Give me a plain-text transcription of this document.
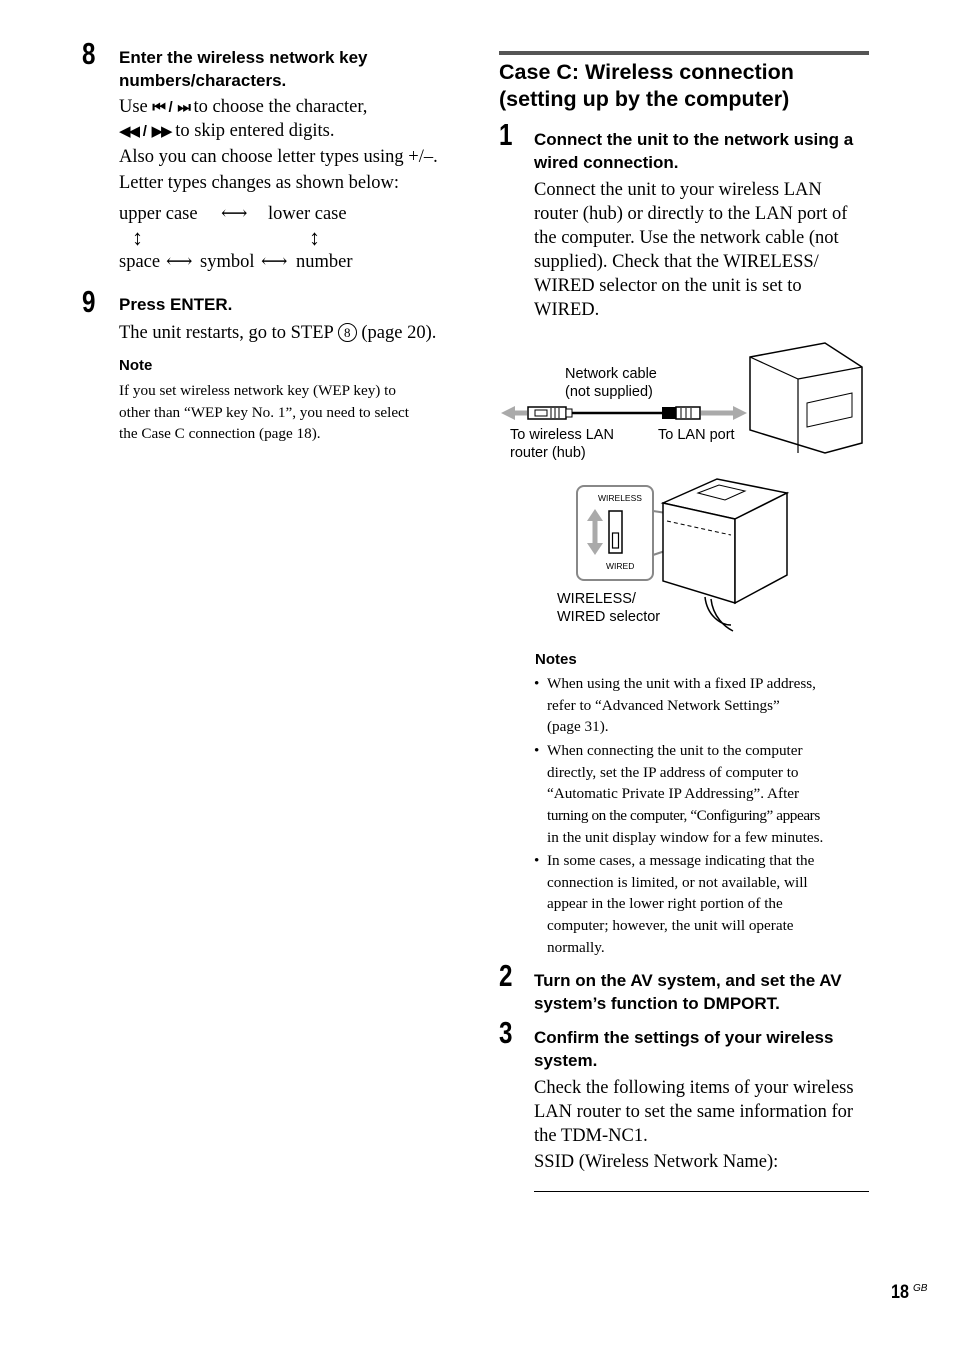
8 Enter the wireless network key
numbers/characters.
Use ⏮ / ⏭ to choose the character,
◀◀ / ▶▶ to skip entered digits.
Also you can choose letter types using +/–.
Letter types changes as shown below:
upper case ⟷ lower case
↕	↕
space ⟷ symbol ⟷ number
9 Press ENTER.
The unit restarts, go to STEP 8 (page 20).
Note
If you set wireless network key (WEP key) to
other than “WEP key No. 1”, you need to select
the Case C connection (page 18).
Case C: Wireless connection
(setting up by the computer)
1 Connect the unit to the network using a
wired connection.
Connect the unit to your wireless LAN
router (hub) or directly to the LAN port of
the computer. Use the network cable (not
supplied). Check that the WIRELESS/
WIRED selector on the unit is set to
WIRED.
Network cable
(not supplied)
To wireless LAN
router (hub)
To LAN port
WIRELESS
WIRED
WIRELESS/
WIRED selector
Notes
• When using the unit with a fixed IP address,
refer to “Advanced Network Settings”
(page 31).
• When connecting the unit to the computer
directly, set the IP address of computer to
“Automatic Private IP Addressing”. After
turning on the computer, “Configuring” appears
in the unit display window for a few minutes.
• In some cases, a message indicating that the
connection is limited, or not available, will
appear in the lower right portion of the
computer; however, the unit will operate
normally.
2 Turn on the AV system, and set the AV
system’s function to DMPORT.
3 Confirm the settings of your wireless
system.
Check the following items of your wireless
LAN router to set the same information for
the TDM-NC1.
SSID (Wireless Network Name):
18 GB
